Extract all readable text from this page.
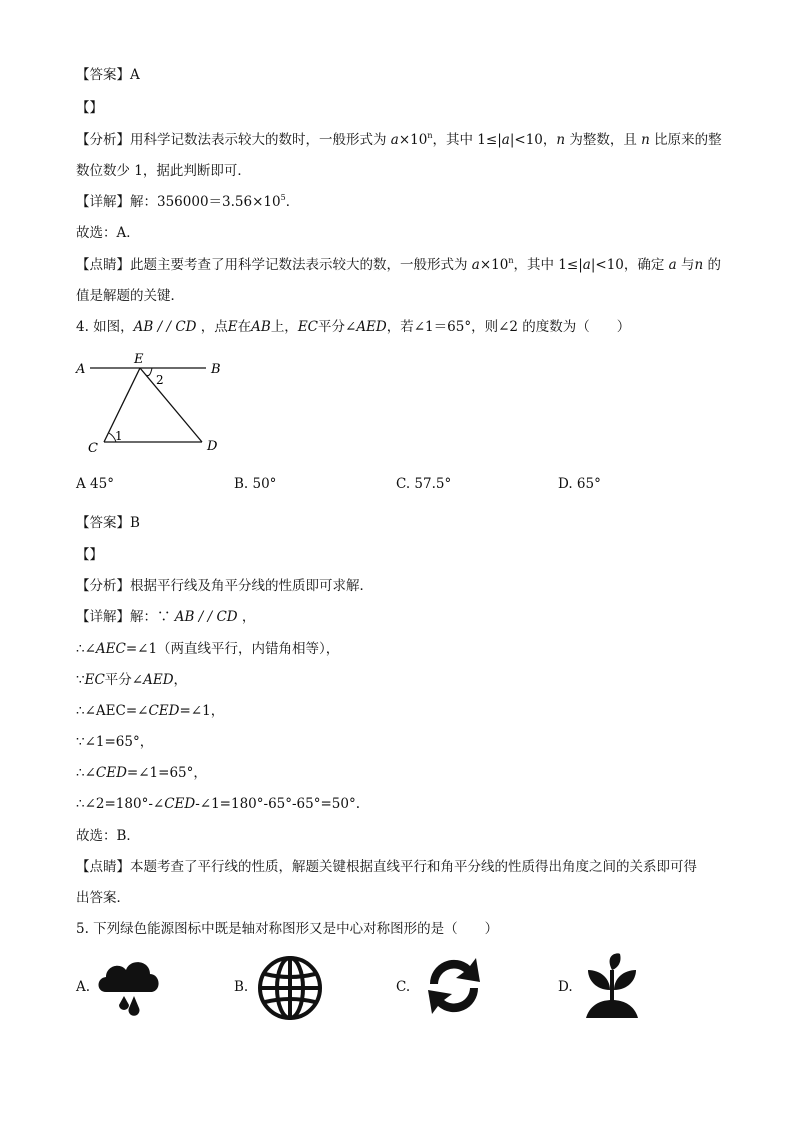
【答案】A
【】
【分析】用科学记数法表示较大的数时，一般形式为 $a\times 10^n$，其中 1≤|a|<10，n 为整数，且 n 比原来的整
数位数少 1，据此判断即可．
【详解】解：$356000=3.56\times 10^5$．
故选：A．
【点睛】此题主要考查了用科学记数法表示较大的数，一般形式为 $a\times 10^n$，其中 1≤|a|<10，确定 a 与n 的
值是解题的关键．
4. 如图，AB / / CD ，点E在AB上，EC平分∠AED，若∠1＝65°，则∠2 的度数为（　　）
A
E
B
C	D
1
2
A 45°	B. 50°	C. 57.5°	D. 65°
【答案】B
【】
【分析】根据平行线及角平分线的性质即可求解．
【详解】解：∵ AB / / CD ，
∴∠AEC=∠1（两直线平行，内错角相等），
∵EC平分∠AED，
∴∠AEC=∠CED=∠1，
∵∠1=65°，
∴∠CED=∠1=65°，
∴∠2=180°-∠CED-∠1=180°-65°-65°=50°.
故选：B．
【点睛】本题考查了平行线的性质，解题关键根据直线平行和角平分线的性质得出角度之间的关系即可得
出答案．
5. 下列绿色能源图标中既是轴对称图形又是中心对称图形的是（　　）
A.	B.	C.	D.
